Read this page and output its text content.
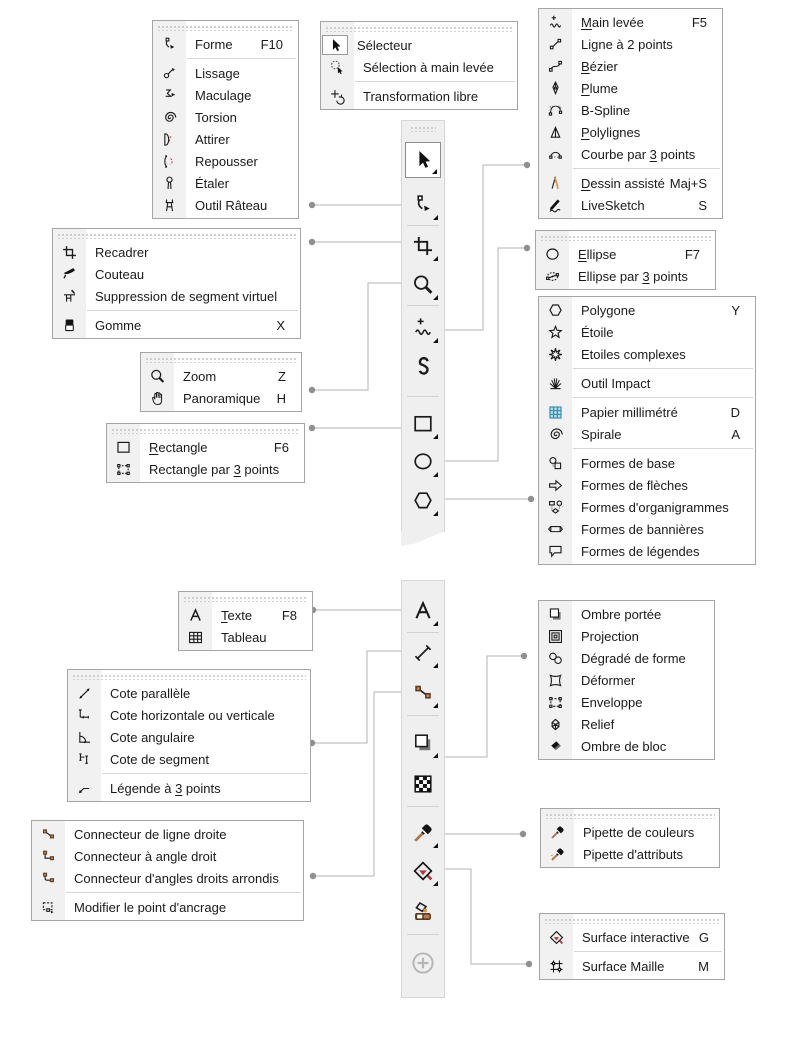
Forme F10
Lissage
Maculage
Torsion
Attirer
Repousser
Étaler
Outil Râteau
Sélecteur
Sélection à main levée
Transformation libre
Main levée	F5
Ligne à 2 points
Bézier
Plume
B-Spline
Polylignes
Courbe par 3 points
Dessin assisté Maj+S
LiveSketch	S
Recadrer
Couteau
Suppression de segment virtuel
Gomme	X
Ellipse	F7
Ellipse par 3 points
Polygone	Y
Étoile
Etoiles complexes
Outil Impact
Papier millimétré	D
Spirale	A
Formes de base
Formes de flèches
Formes d'organigrammes
Formes de bannières
Formes de légendes
Zoom	Z
Panoramique H
Rectangle	F6
Rectangle par 3 points
Texte F8
Tableau
Cote parallèle
Cote horizontale ou verticale
Cote angulaire
Cote de segment
Légende à 3 points
Connecteur de ligne droite
Connecteur à angle droit
Connecteur d'angles droits arrondis
Modifier le point d'ancrage
Ombre portée
Projection
Dégradé de forme
Déformer
Enveloppe
Relief
Ombre de bloc
Pipette de couleurs
Pipette d'attributs
Surface interactive G
Surface Maille	M
